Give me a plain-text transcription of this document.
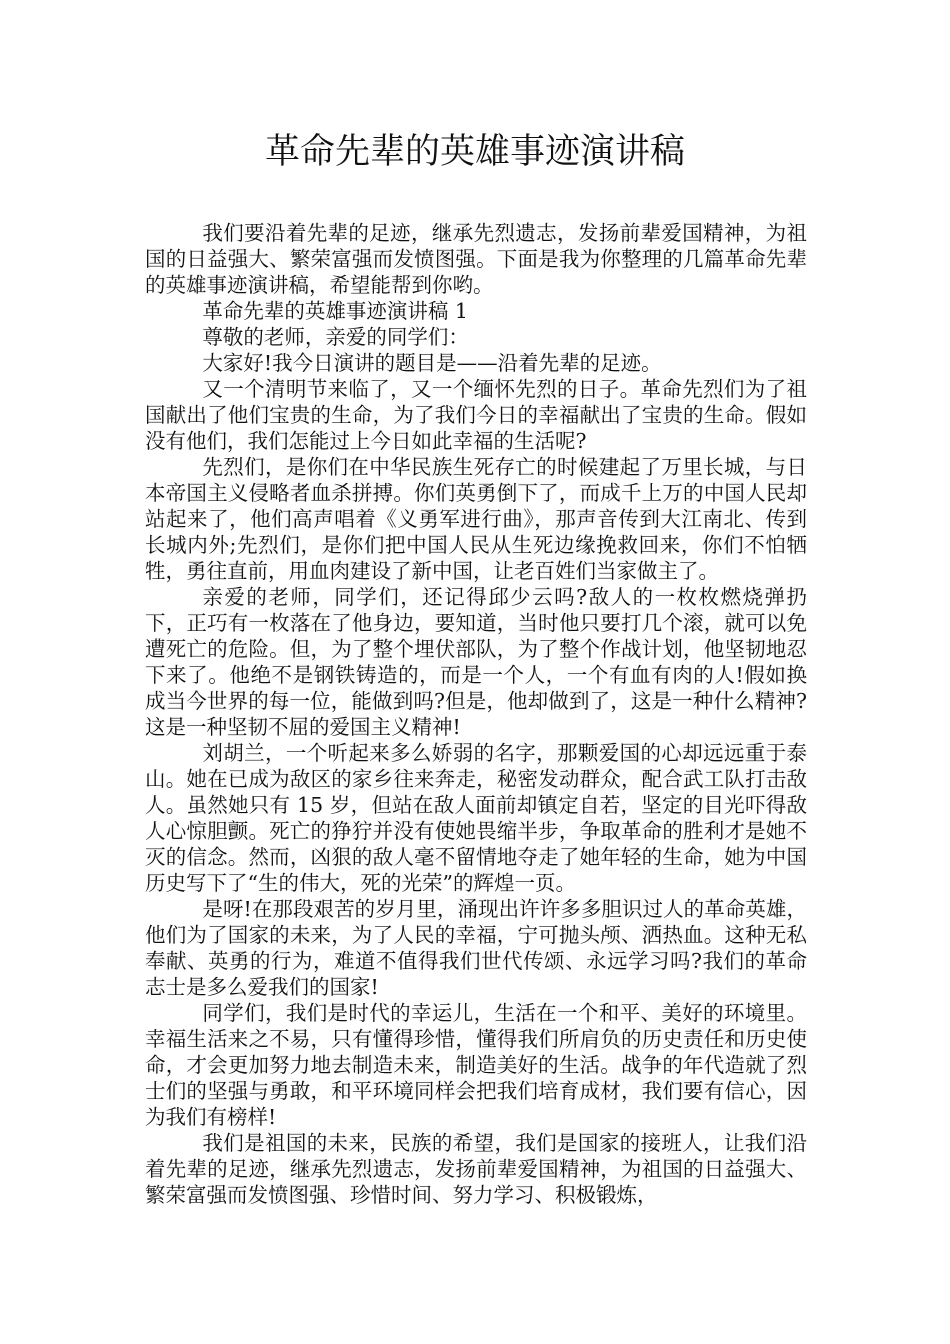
革命先辈的英雄事迹演讲稿

我们要沿着先辈的足迹，继承先烈遗志，发扬前辈爱国精神，为祖国的日益强大、繁荣富强而发愤图强。下面是我为你整理的几篇革命先辈的英雄事迹演讲稿，希望能帮到你哟。

革命先辈的英雄事迹演讲稿 1

尊敬的老师，亲爱的同学们：

大家好!我今日演讲的题目是——沿着先辈的足迹。

又一个清明节来临了，又一个缅怀先烈的日子。革命先烈们为了祖国献出了他们宝贵的生命，为了我们今日的幸福献出了宝贵的生命。假如没有他们，我们怎能过上今日如此幸福的生活呢?

先烈们，是你们在中华民族生死存亡的时候建起了万里长城，与日本帝国主义侵略者血杀拼搏。你们英勇倒下了，而成千上万的中国人民却站起来了，他们高声唱着《义勇军进行曲》，那声音传到大江南北、传到长城内外;先烈们，是你们把中国人民从生死边缘挽救回来，你们不怕牺牲，勇往直前，用血肉建设了新中国，让老百姓们当家做主了。

亲爱的老师，同学们，还记得邱少云吗?敌人的一枚枚燃烧弹扔下，正巧有一枚落在了他身边，要知道，当时他只要打几个滚，就可以免遭死亡的危险。但，为了整个埋伏部队，为了整个作战计划，他坚韧地忍下来了。他绝不是钢铁铸造的，而是一个人，一个有血有肉的人!假如换成当今世界的每一位，能做到吗?但是，他却做到了，这是一种什么精神?这是一种坚韧不屈的爱国主义精神!

刘胡兰，一个听起来多么娇弱的名字，那颗爱国的心却远远重于泰山。她在已成为敌区的家乡往来奔走，秘密发动群众，配合武工队打击敌人。虽然她只有 15 岁，但站在敌人面前却镇定自若，坚定的目光吓得敌人心惊胆颤。死亡的狰狞并没有使她畏缩半步，争取革命的胜利才是她不灭的信念。然而，凶狠的敌人毫不留情地夺走了她年轻的生命，她为中国历史写下了“生的伟大，死的光荣”的辉煌一页。

是呀!在那段艰苦的岁月里，涌现出许许多多胆识过人的革命英雄，他们为了国家的未来，为了人民的幸福，宁可抛头颅、洒热血。这种无私奉献、英勇的行为，难道不值得我们世代传颂、永远学习吗?我们的革命志士是多么爱我们的国家!

同学们，我们是时代的幸运儿，生活在一个和平、美好的环境里。幸福生活来之不易，只有懂得珍惜，懂得我们所肩负的历史责任和历史使命，才会更加努力地去制造未来，制造美好的生活。战争的年代造就了烈士们的坚强与勇敢，和平环境同样会把我们培育成材，我们要有信心，因为我们有榜样!

我们是祖国的未来，民族的希望，我们是国家的接班人，让我们沿着先辈的足迹，继承先烈遗志，发扬前辈爱国精神，为祖国的日益强大、繁荣富强而发愤图强、珍惜时间、努力学习、积极锻炼，
